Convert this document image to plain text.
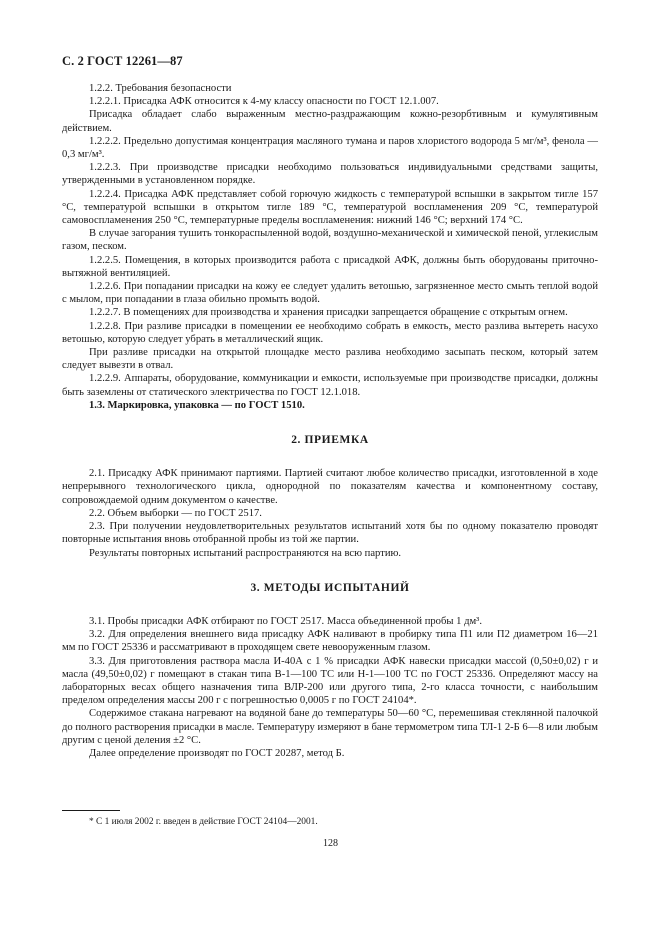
С. 2 ГОСТ 12261—87

1.2.2. Требования безопасности

1.2.2.1. Присадка АФК относится к 4-му классу опасности по ГОСТ 12.1.007.

Присадка обладает слабо выраженным местно-раздражающим кожно-резорбтивным и кумулятивным действием.

1.2.2.2. Предельно допустимая концентрация масляного тумана и паров хлористого водорода 5 мг/м³, фенола — 0,3 мг/м³.

1.2.2.3. При производстве присадки необходимо пользоваться индивидуальными средствами защиты, утвержденными в установленном порядке.

1.2.2.4. Присадка АФК представляет собой горючую жидкость с температурой вспышки в закрытом тигле 157 °С, температурой вспышки в открытом тигле 189 °С, температурой воспламенения 209 °С, температурой самовоспламенения 250 °С, температурные пределы воспламенения: нижний 146 °С; верхний 174 °С.

В случае загорания тушить тонкораспыленной водой, воздушно-механической и химической пеной, углекислым газом, песком.

1.2.2.5. Помещения, в которых производится работа с присадкой АФК, должны быть оборудованы приточно-вытяжной вентиляцией.

1.2.2.6. При попадании присадки на кожу ее следует удалить ветошью, загрязненное место смыть теплой водой с мылом, при попадании в глаза обильно промыть водой.

1.2.2.7. В помещениях для производства и хранения присадки запрещается обращение с открытым огнем.

1.2.2.8. При разливе присадки в помещении ее необходимо собрать в емкость, место разлива вытереть насухо ветошью, которую следует убрать в металлический ящик.

При разливе присадки на открытой площадке место разлива необходимо засыпать песком, который затем следует вывезти в отвал.

1.2.2.9. Аппараты, оборудование, коммуникации и емкости, используемые при производстве присадки, должны быть заземлены от статического электричества по ГОСТ 12.1.018.

1.3. Маркировка, упаковка — по ГОСТ 1510.

2. ПРИЕМКА

2.1. Присадку АФК принимают партиями. Партией считают любое количество присадки, изготовленной в ходе непрерывного технологического цикла, однородной по показателям качества и компонентному составу, сопровождаемой одним документом о качестве.

2.2. Объем выборки — по ГОСТ 2517.

2.3. При получении неудовлетворительных результатов испытаний хотя бы по одному показателю проводят повторные испытания вновь отобранной пробы из той же партии.

Результаты повторных испытаний распространяются на всю партию.

3. МЕТОДЫ ИСПЫТАНИЙ

3.1. Пробы присадки АФК отбирают по ГОСТ 2517. Масса объединенной пробы 1 дм³.

3.2. Для определения внешнего вида присадку АФК наливают в пробирку типа П1 или П2 диаметром 16—21 мм по ГОСТ 25336 и рассматривают в проходящем свете невооруженным глазом.

3.3. Для приготовления раствора масла И-40А с 1 % присадки АФК навески присадки массой (0,50±0,02) г и масла (49,50±0,02) г помещают в стакан типа В-1—100 ТС или Н-1—100 ТС по ГОСТ 25336. Определяют массу на лабораторных весах общего назначения типа ВЛР-200 или другого типа, 2-го класса точности, с наибольшим пределом определения массы 200 г с погрешностью 0,0005 г по ГОСТ 24104*.

Содержимое стакана нагревают на водяной бане до температуры 50—60 °С, перемешивая стеклянной палочкой до полного растворения присадки в масле. Температуру измеряют в бане термометром типа ТЛ-1 2-Б 6—8 или любым другим с ценой деления ±2 °С.

Далее определение производят по ГОСТ 20287, метод Б.

* С 1 июля 2002 г. введен в действие ГОСТ 24104—2001.
128
